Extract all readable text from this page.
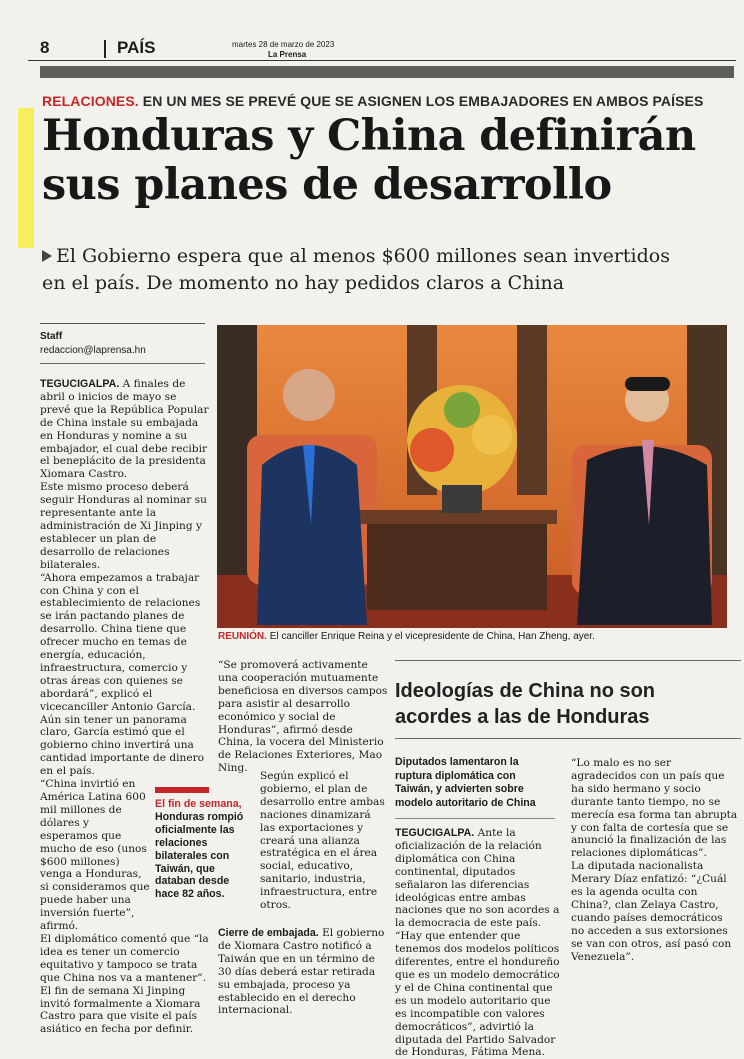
8	PAÍS	martes 28 de marzo de 2023
La Prensa
RELACIONES. EN UN MES SE PREVÉ QUE SE ASIGNEN LOS EMBAJADORES EN AMBOS PAÍSES
Honduras y China definirán sus planes de desarrollo
El Gobierno espera que al menos $600 millones sean invertidos en el país. De momento no hay pedidos claros a China
Staff
redaccion@laprensa.hn
REUNIÓN. El canciller Enrique Reina y el vicepresidente de China, Han Zheng, ayer.

TEGUCIGALPA. A finales de abril o inicios de mayo se prevé que la República Popular de China instale su embajada en Honduras y nomine a su embajador, el cual debe recibir el beneplácito de la presidenta Xiomara Castro.

Este mismo proceso deberá seguir Honduras al nominar su representante ante la administración de Xi Jinping y establecer un plan de desarrollo de relaciones bilaterales.

“Ahora empezamos a trabajar con China y con el establecimiento de relaciones se irán pactando planes de desarrollo. China tiene que ofrecer mucho en temas de energía, educación, infraestructura, comercio y otras áreas con quienes se abordará”, explicó el vicecanciller Antonio García.

Aún sin tener un panorama claro, García estimó que el gobierno chino invertirá una cantidad importante de dinero en el país.

“China invirtió en América Latina 600 mil millones de dólares y esperamos que mucho de eso (unos $600 millones) venga a Honduras, si consideramos que puede haber una inversión fuerte”, afirmó.

El diplomático comentó que “la idea es tener un comercio equitativo y tampoco se trata que China nos va a mantener”.

El fin de semana Xi Jinping invitó formalmente a Xiomara Castro para que visite el país asiático en fecha por definir.

“Se promoverá activamente una cooperación mutuamente beneficiosa en diversos campos para asistir al desarrollo económico y social de Honduras”, afirmó desde China, la vocera del Ministerio de Relaciones Exteriores, Mao Ning.

El fin de semana, Honduras rompió oficialmente las relaciones bilaterales con Taiwán, que databan desde hace 82 años.

Según explicó el gobierno, el plan de desarrollo entre ambas naciones dinamizará las exportaciones y creará una alianza estratégica en el área social, educativo, sanitario, industria, infraestructura, entre otros.

Cierre de embajada. El gobierno de Xiomara Castro notificó a Taiwán que en un término de 30 días deberá estar retirada su embajada, proceso ya establecido en el derecho internacional.

Ideologías de China no son acordes a las de Honduras
Diputados lamentaron la ruptura diplomática con Taiwán, y advierten sobre modelo autoritario de China

TEGUCIGALPA. Ante la oficialización de la relación diplomática con China continental, diputados señalaron las diferencias ideológicas entre ambas naciones que no son acordes a la democracia de este país.

“Hay que entender que tenemos dos modelos políticos diferentes, entre el hondureño que es un modelo democrático y el de China continental que es un modelo autoritario que es incompatible con valores democráticos”, advirtió la diputada del Partido Salvador de Honduras, Fátima Mena.

“Lo malo es no ser agradecidos con un país que ha sido hermano y socio durante tanto tiempo, no se merecía esa forma tan abrupta y con falta de cortesía que se anunció la finalización de las relaciones diplomáticas”.

La diputada nacionalista Merary Díaz enfatizó: “¿Cuál es la agenda oculta con China?, clan Zelaya Castro, cuando países democráticos no acceden a sus extorsiones se van con otros, así pasó con Venezuela”.
